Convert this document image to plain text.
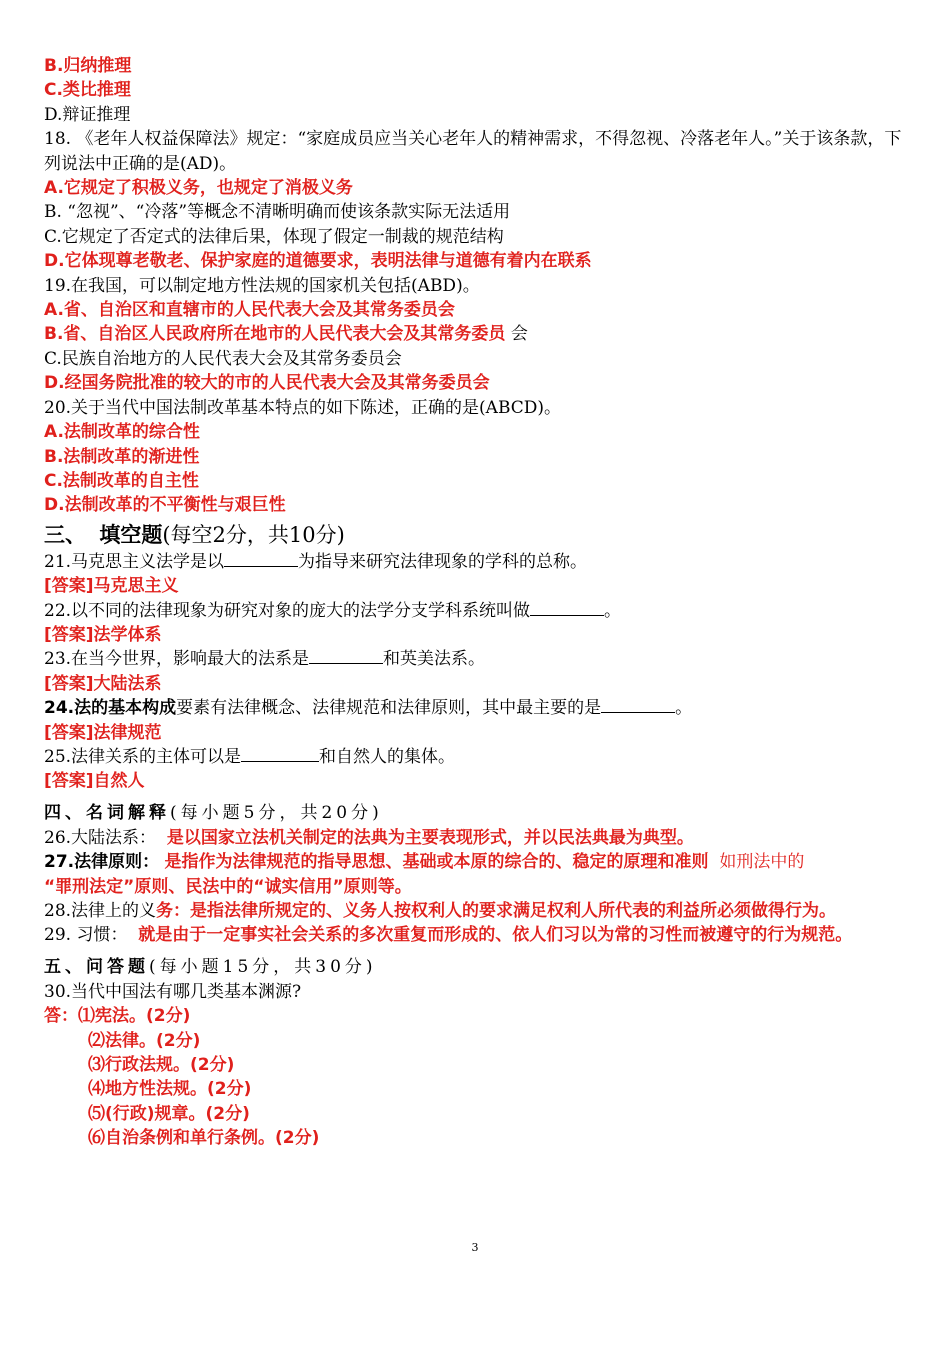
B.归纳推理
C.类比推理
D.辩证推理
18. 《老年人权益保障法》规定：“家庭成员应当关心老年人的精神需求，不得忽视、冷落老年人。”关于该条款，下列说法中正确的是(AD)。
A.它规定了积极义务，也规定了消极义务
B. “忽视”、“冷落”等概念不清晰明确而使该条款实际无法适用
C.它规定了否定式的法律后果，体现了假定一制裁的规范结构
D.它体现尊老敬老、保护家庭的道德要求，表明法律与道德有着内在联系
19.在我国，可以制定地方性法规的国家机关包括(ABD)。
A.省、自治区和直辖市的人民代表大会及其常务委员会
B.省、自治区人民政府所在地市的人民代表大会及其常务委员 会
C.民族自治地方的人民代表大会及其常务委员会
D.经国务院批准的较大的市的人民代表大会及其常务委员会
20.关于当代中国法制改革基本特点的如下陈述，正确的是(ABCD)。
A.法制改革的综合性
B.法制改革的渐进性
C.法制改革的自主性
D.法制改革的不平衡性与艰巨性
三、 填空题(每空2分，共10分)
21.马克思主义法学是以	为指导来研究法律现象的学科的总称。
[答案]马克思主义
22.以不同的法律现象为研究对象的庞大的法学分支学科系统叫做	。
[答案]法学体系
23.在当今世界，影响最大的法系是	和英美法系。
[答案]大陆法系
24.法的基本构成要素有法律概念、法律规范和法律原则，其中最主要的是	。
[答案]法律规范
25.法律关系的主体可以是	和自然人的集体。
[答案]自然人
四、名词解释(每小题5分，共20分)
26.大陆法系： 是以国家立法机关制定的法典为主要表现形式，并以民法典最为典型。
27.法律原则： 是指作为法律规范的指导思想、基础或本原的综合的、稳定的原理和准则 如刑法中的
“罪刑法定”原则、民法中的“诚实信用”原则等。
28.法律上的义务：是指法律所规定的、义务人按权利人的要求满足权利人所代表的利益所必须做得行为。
29. 习惯： 就是由于一定事实社会关系的多次重复而形成的、依人们习以为常的习性而被遵守的行为规范。
五、问答题(每小题15分，共30分)
30.当代中国法有哪几类基本渊源?
答：⑴宪法。(2分)
⑵法律。(2分)
⑶行政法规。(2分)
⑷地方性法规。(2分)
⑸(行政)规章。(2分)
⑹自治条例和单行条例。(2分)
3
